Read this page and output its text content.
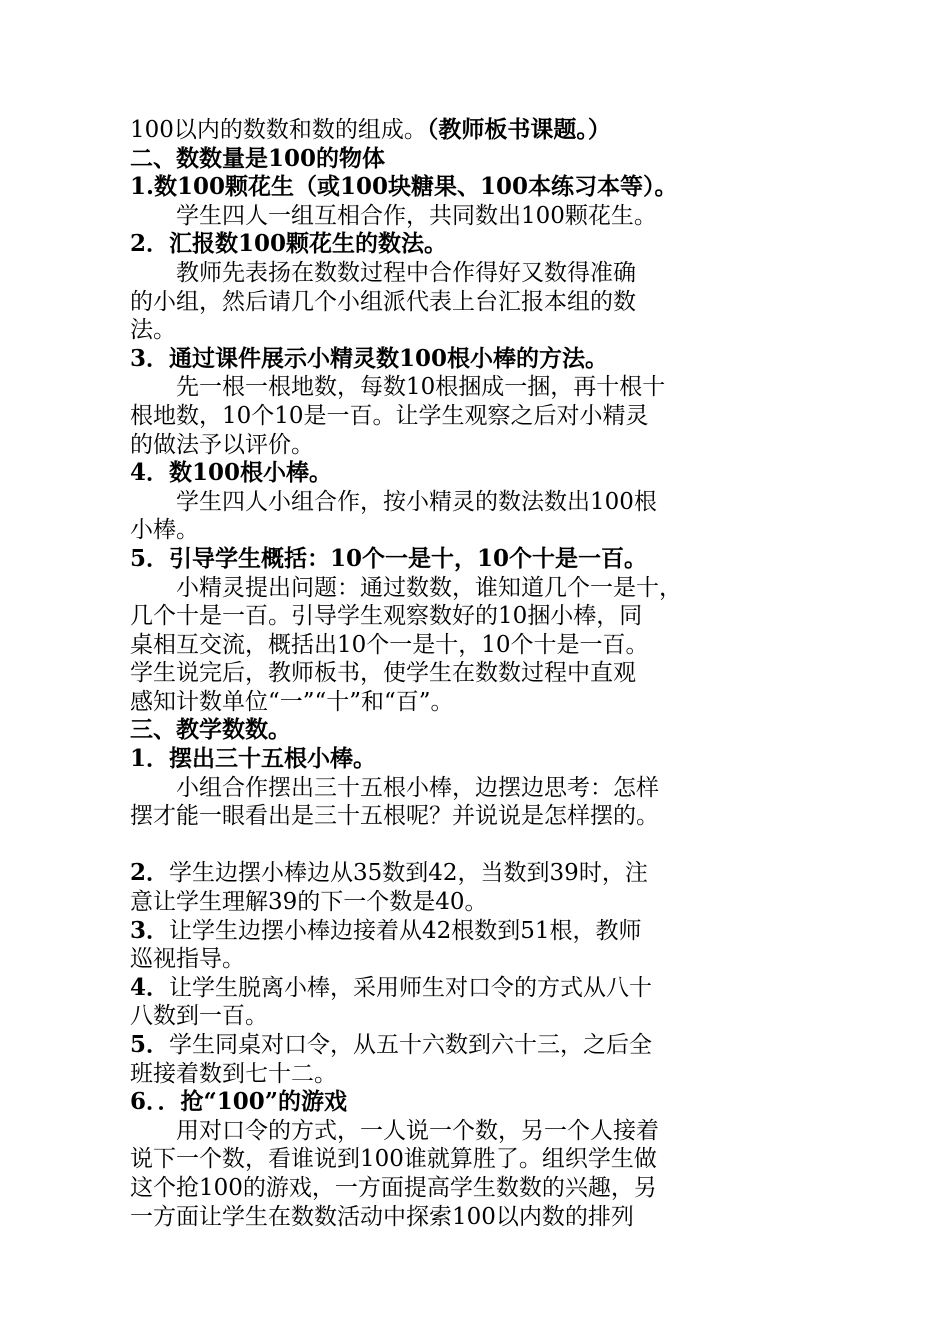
100以内的数数和数的组成。（教师板书课题。）
二、数数量是100的物体
1.数100颗花生（或100块糖果、100本练习本等）。
学生四人一组互相合作，共同数出100颗花生。
2．汇报数100颗花生的数法。
教师先表扬在数数过程中合作得好又数得准确
的小组，然后请几个小组派代表上台汇报本组的数
法。
3．通过课件展示小精灵数100根小棒的方法。
先一根一根地数，每数10根捆成一捆，再十根十
根地数，10个10是一百。让学生观察之后对小精灵
的做法予以评价。
4．数100根小棒。
学生四人小组合作，按小精灵的数法数出100根
小棒。
5．引导学生概括：10个一是十，10个十是一百。
小精灵提出问题：通过数数，谁知道几个一是十，
几个十是一百。引导学生观察数好的10捆小棒，同
桌相互交流，概括出10个一是十，10个十是一百。
学生说完后，教师板书，使学生在数数过程中直观
感知计数单位“一”“十”和“百”。
三、教学数数。
1．摆出三十五根小棒。
小组合作摆出三十五根小棒，边摆边思考：怎样
摆才能一眼看出是三十五根呢？并说说是怎样摆的。
2．学生边摆小棒边从35数到42，当数到39时，注
意让学生理解39的下一个数是40。
3．让学生边摆小棒边接着从42根数到51根，教师
巡视指导。
4．让学生脱离小棒，采用师生对口令的方式从八十
八数到一百。
5．学生同桌对口令，从五十六数到六十三，之后全
班接着数到七十二。
6．．抢“100”的游戏
用对口令的方式，一人说一个数，另一个人接着
说下一个数，看谁说到100谁就算胜了。组织学生做
这个抢100的游戏，一方面提高学生数数的兴趣，另
一方面让学生在数数活动中探索100以内数的排列
